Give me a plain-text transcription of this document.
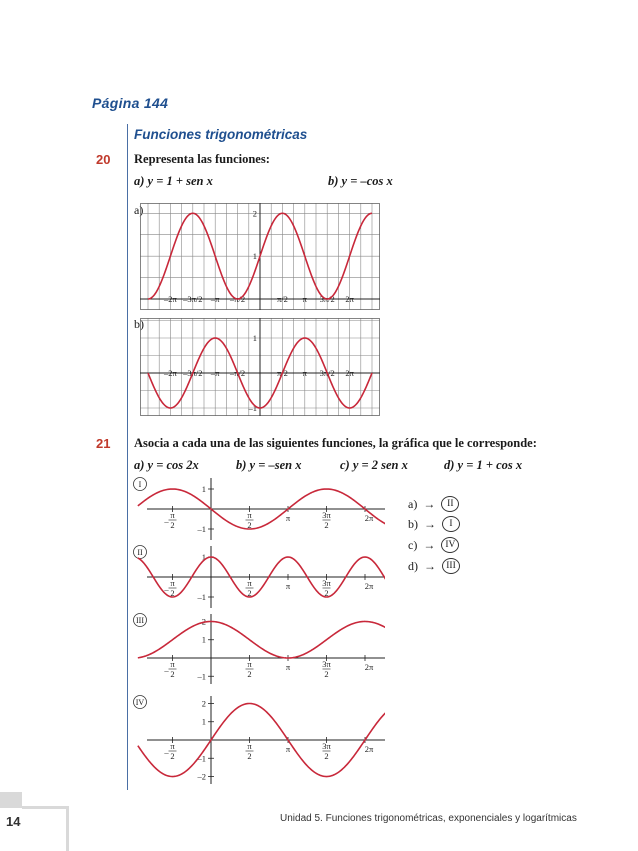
Página 144
Funciones trigonométricas
20 Representa las funciones:
a) y = 1 + sen x	b) y = –cos x
a)
b)
–2π –3π/2 –π –π/2	π/2 π 3π/2 2π
2
1
–2π –3π/2 –π –π/2	π/2 π 3π/2 2π
1
–1
21 Asocia a cada una de las siguientes funciones, la gráfica que le corresponde:
a) y = cos 2x	b) y = –sen x	c) y = 2 sen x	d) y = 1 + cos x
–
π
2
π
2
3π
2
π	2π
1
–1
I
–
π
2
π
2
3π
2
π	2π
1
–1
II
–
π
2
π
2
3π
2
π	2π
2
1
–1
III
–
π
2
π
2
3π
2
π	2π
2
1
–1
–2
IV
a) →	II
b) →	I
c) →	IV
d) →	III
14	Unidad 5. Funciones trigonométricas, exponenciales y logarítmicas
